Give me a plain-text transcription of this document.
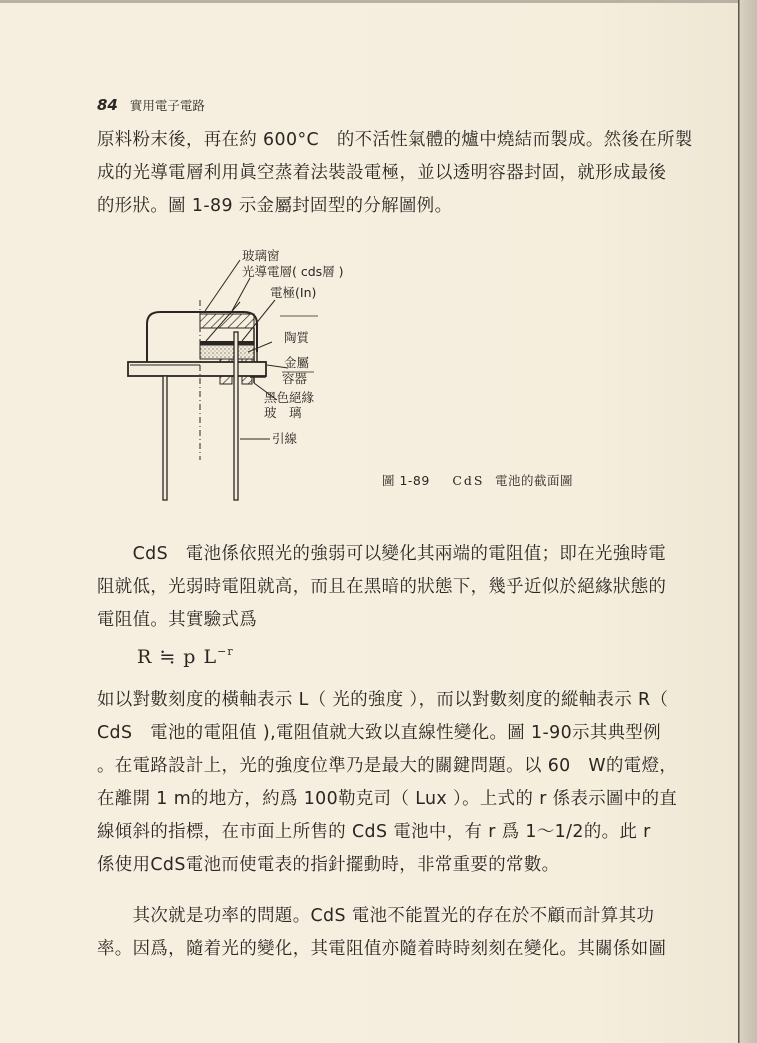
84 實用電子電路
原料粉末後，再在約 600°C　的不活性氣體的爐中燒結而製成。然後在所製
成的光導電層利用眞空蒸着法裝設電極，並以透明容器封固，就形成最後
的形狀。圖 1-89 示金屬封固型的分解圖例。
玻璃窗
光導電層( cds層 )
電極(In)
陶質
金屬
容器
黑色絕緣
玻　璃
引線
圖 1-89 CdS 電池的截面圖
　　CdS　電池係依照光的強弱可以變化其兩端的電阻值；即在光強時電
阻就低，光弱時電阻就高，而且在黑暗的狀態下，幾乎近似於絕緣狀態的
電阻值。其實驗式爲
R ≒ p $L^{-r}$
如以對數刻度的橫軸表示 L（ 光的強度 ），而以對數刻度的縱軸表示 R（
CdS　電池的電阻值 ),電阻值就大致以直線性變化。圖 1-90示其典型例
。在電路設計上，光的強度位準乃是最大的關鍵問題。以 60　W的電燈，
在離開 1 m的地方，約爲 100勒克司（ Lux ）。上式的 r 係表示圖中的直
線傾斜的指標，在市面上所售的 CdS 電池中，有 r 爲 1～1/2的。此 r
係使用CdS電池而使電表的指針擺動時，非常重要的常數。
　　其次就是功率的問題。CdS 電池不能置光的存在於不顧而計算其功
率。因爲，隨着光的變化，其電阻值亦隨着時時刻刻在變化。其關係如圖
